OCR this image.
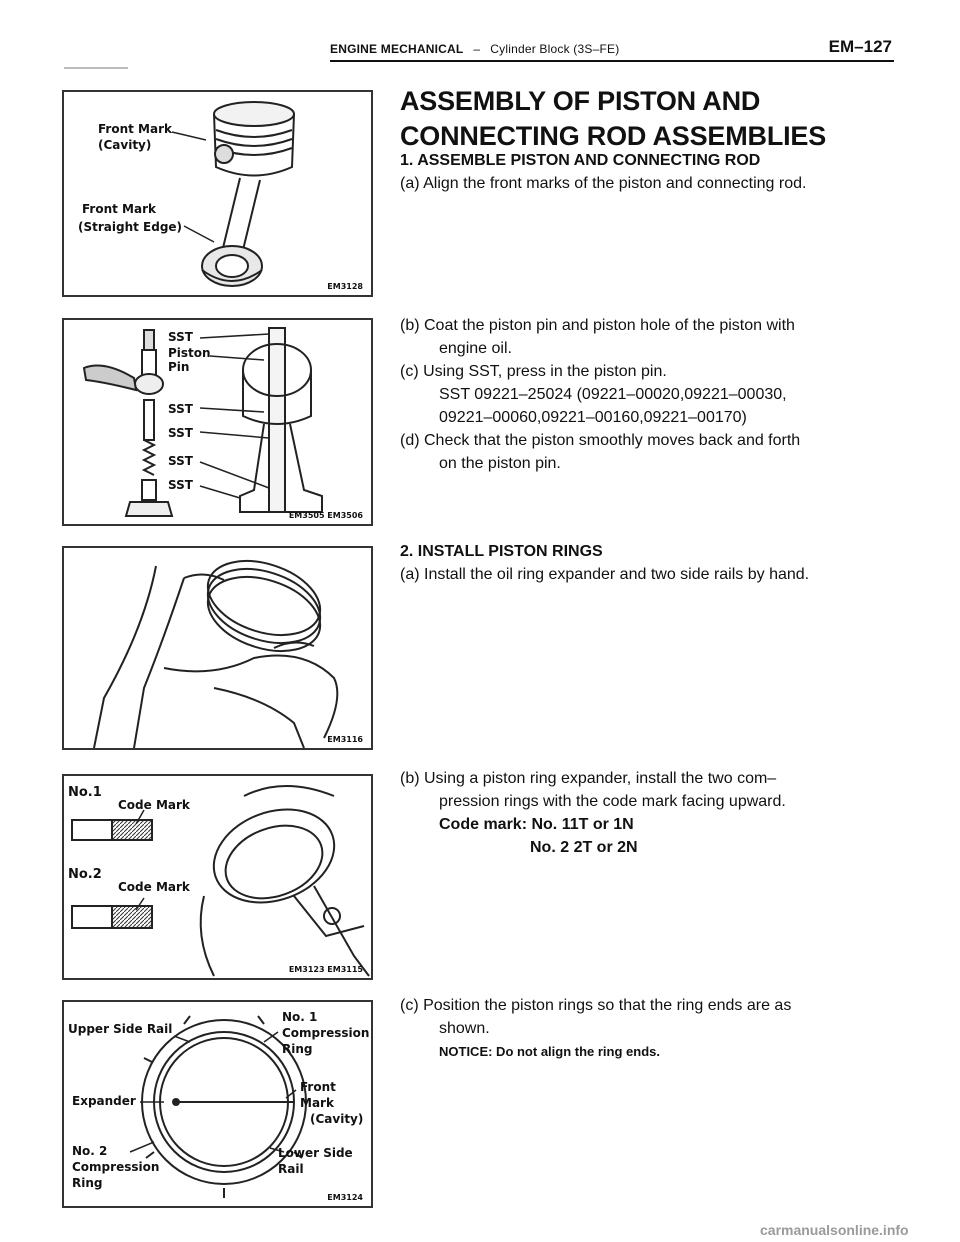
ENGINE MECHANICAL – Cylinder Block (3S–FE)	EM–127
ASSEMBLY OF PISTON AND CONNECTING ROD ASSEMBLIES
Front Mark
(Cavity)
Front Mark
(Straight Edge)
EM3128

1. ASSEMBLE PISTON AND CONNECTING ROD

(a) Align the front marks of the piston and connecting rod.

SST
Piston
Pin
SST
SST
SST
SST
EM3505 EM3506

(b) Coat the piston pin and piston hole of the piston with

engine oil.

(c) Using SST, press in the piston pin.

SST 09221–25024 (09221–00020,09221–00030,

09221–00060,09221–00160,09221–00170)

(d) Check that the piston smoothly moves back and forth

on the piston pin.

EM3116

2. INSTALL PISTON RINGS

(a) Install the oil ring expander and two side rails by hand.

No.1
Code Mark
No.2
Code Mark
EM3123 EM3115

(b) Using a piston ring expander, install the two com–

pression rings with the code mark facing upward.

Code mark: No. 11T or 1N

No. 2 2T or 2N

Upper Side Rail
No. 1
Compression
Ring
Expander
Front
Mark
(Cavity)
No. 2
Compression
Ring
Lower Side
Rail
EM3124

(c) Position the piston rings so that the ring ends are as

shown.

NOTICE: Do not align the ring ends.

carmanualsonline.info
